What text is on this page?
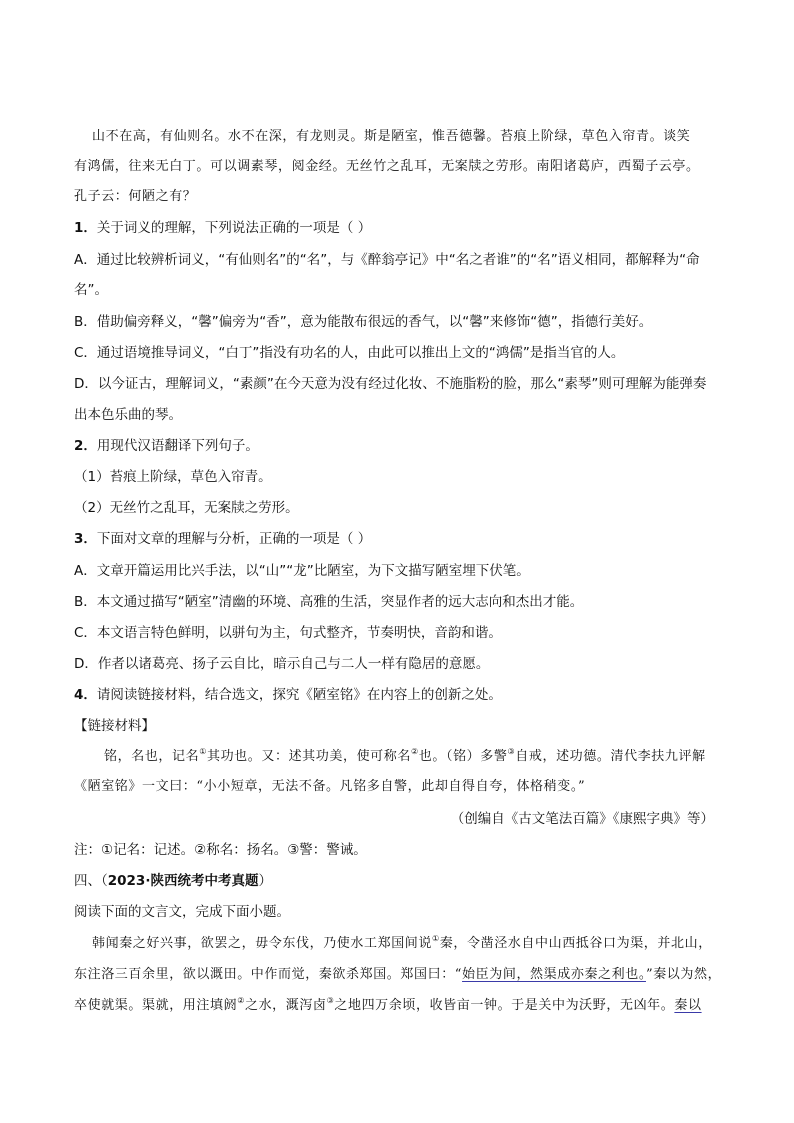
山不在高，有仙则名。水不在深，有龙则灵。斯是陋室，惟吾德馨。苔痕上阶绿，草色入帘青。谈笑
有鸿儒，往来无白丁。可以调素琴，阅金经。无丝竹之乱耳，无案牍之劳形。南阳诸葛庐，西蜀子云亭。
孔子云：何陋之有？
1．关于词义的理解，下列说法正确的一项是（ ）
A．通过比较辨析词义，“有仙则名”的“名”，与《醉翁亭记》中“名之者谁”的“名”语义相同，都解释为“命
名”。
B．借助偏旁释义，“馨”偏旁为“香”，意为能散布很远的香气，以“馨”来修饰“德”，指德行美好。
C．通过语境推导词义，“白丁”指没有功名的人，由此可以推出上文的“鸿儒”是指当官的人。
D．以今证古，理解词义，“素颜”在今天意为没有经过化妆、不施脂粉的脸，那么“素琴”则可理解为能弹奏
出本色乐曲的琴。
2．用现代汉语翻译下列句子。
（1）苔痕上阶绿，草色入帘青。
（2）无丝竹之乱耳，无案牍之劳形。
3．下面对文章的理解与分析，正确的一项是（ ）
A．文章开篇运用比兴手法，以“山”“龙”比陋室，为下文描写陋室埋下伏笔。
B．本文通过描写“陋室”清幽的环境、高雅的生活，突显作者的远大志向和杰出才能。
C．本文语言特色鲜明，以骈句为主，句式整齐，节奏明快，音韵和谐。
D．作者以诸葛亮、扬子云自比，暗示自己与二人一样有隐居的意愿。
4．请阅读链接材料，结合选文，探究《陋室铭》在内容上的创新之处。
【链接材料】
铭，名也，记名①其功也。又：述其功美，使可称名②也。（铭）多警③自戒，述功德。清代李扶九评解
《陋室铭》一文曰：“小小短章，无法不备。凡铭多自警，此却自得自夸，体格稍变。”
（创编自《古文笔法百篇》《康熙字典》等）
注：①记名：记述。②称名：扬名。③警：警诫。
四、（2023·陕西统考中考真题）
阅读下面的文言文，完成下面小题。
韩闻秦之好兴事，欲罢之，毋令东伐，乃使水工郑国间说①秦，令凿泾水自中山西抵谷口为渠，并北山，
东注洛三百余里，欲以溉田。中作而觉，秦欲杀郑国。郑国曰：“始臣为间，然渠成亦秦之利也。”秦以为然，
卒使就渠。渠就，用注填阏②之水，溉泻卤③之地四万余顷，收皆亩一钟。于是关中为沃野，无凶年。秦以
